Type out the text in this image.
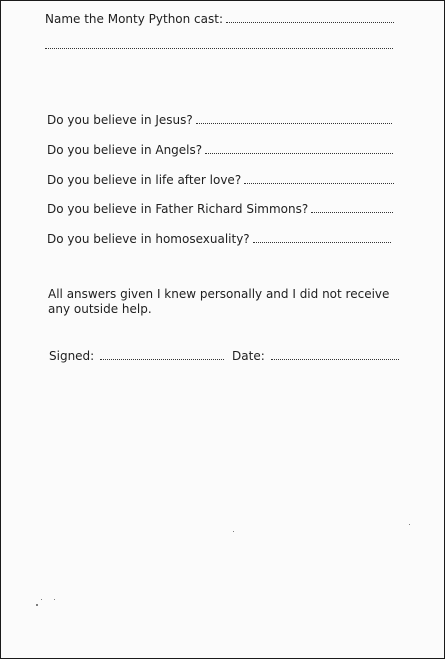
Name the Monty Python cast:
Do you believe in Jesus?
Do you believe in Angels?
Do you believe in life after love?
Do you believe in Father Richard Simmons?
Do you believe in homosexuality?
All answers given I knew personally and I did not receive any outside help.
Signed:	Date:
